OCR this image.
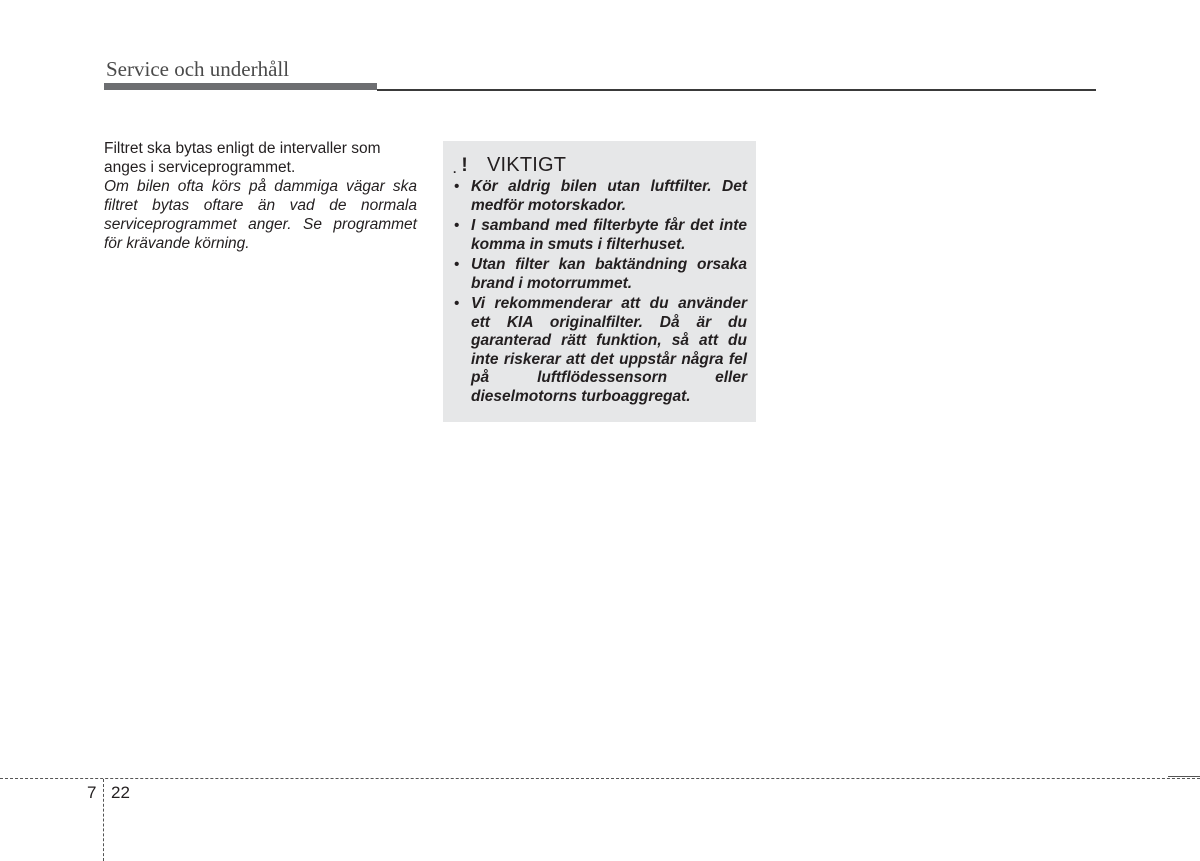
Service och underhåll

Filtret ska bytas enligt de intervaller som anges i serviceprogrammet.

Om bilen ofta körs på dammiga vägar ska filtret bytas oftare än vad de normala serviceprogrammet anger. Se programmet för krävande körning.

. ! VIKTIGT
• Kör aldrig bilen utan luftfilter. Det medför motorskador.
• I samband med filterbyte får det inte komma in smuts i filterhuset.
• Utan filter kan baktändning orsaka brand i motorrummet.
• Vi rekommenderar att du använder ett KIA originalfilter. Då är du garanterad rätt funktion, så att du inte riskerar att det uppstår några fel på luftflödessensorn eller dieselmotorns turboaggregat.
7 22
